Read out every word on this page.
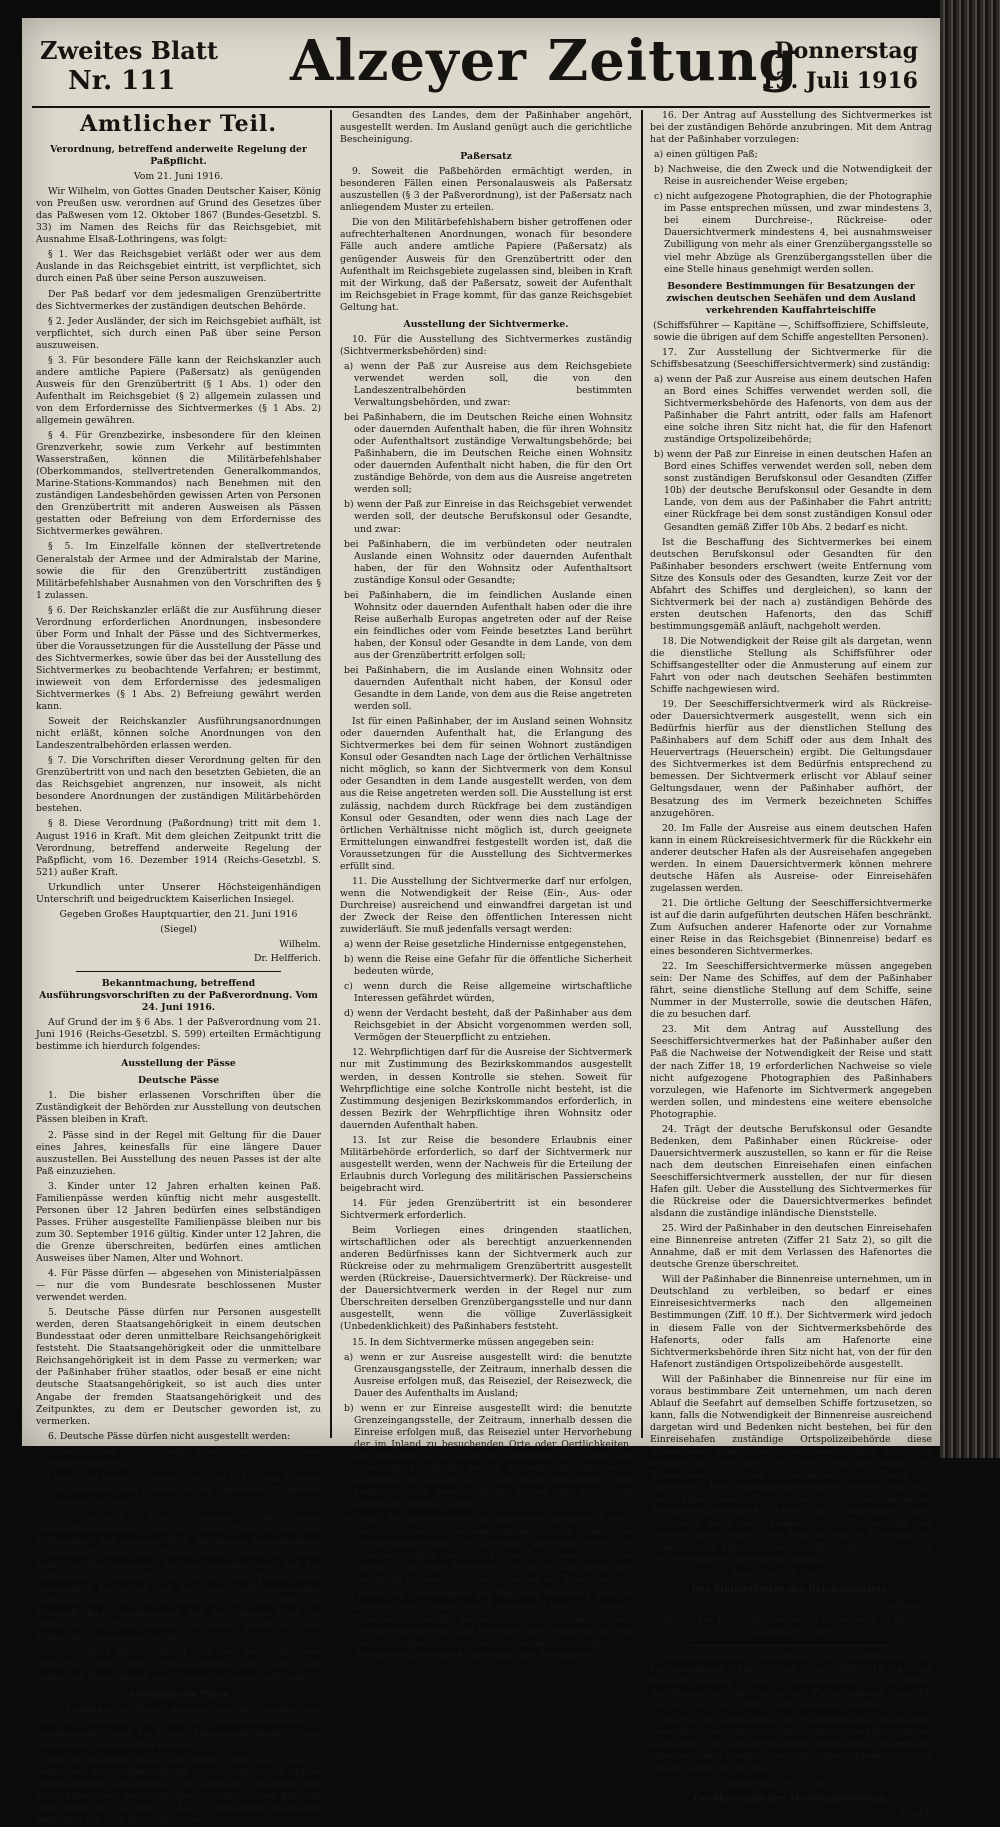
Zweites Blatt
Nr. 111	Alzeyer Zeitung
Donnerstag
13. Juli 1916
Amtlicher Teil.

Verordnung, betreffend anderweite Regelung der Paßpflicht.

Vom 21. Juni 1916.

Wir Wilhelm, von Gottes Gnaden Deutscher Kaiser, König von Preußen usw. verordnen auf Grund des Gesetzes über das Paßwesen vom 12. Oktober 1867 (Bundes-Gesetzbl. S. 33) im Namen des Reichs für das Reichsgebiet, mit Ausnahme Elsaß-Lothringens, was folgt:

§ 1. Wer das Reichsgebiet verläßt oder wer aus dem Auslande in das Reichsgebiet eintritt, ist verpflichtet, sich durch einen Paß über seine Person auszuweisen.

Der Paß bedarf vor dem jedesmaligen Grenzübertritte des Sichtvermerkes der zuständigen deutschen Behörde.

§ 2. Jeder Ausländer, der sich im Reichsgebiet aufhält, ist verpflichtet, sich durch einen Paß über seine Person auszuweisen.

§ 3. Für besondere Fälle kann der Reichskanzler auch andere amtliche Papiere (Paßersatz) als genügenden Ausweis für den Grenzübertritt (§ 1 Abs. 1) oder den Aufenthalt im Reichsgebiet (§ 2) allgemein zulassen und von dem Erfordernisse des Sichtvermerkes (§ 1 Abs. 2) allgemein gewähren.

§ 4. Für Grenzbezirke, insbesondere für den kleinen Grenzverkehr, sowie zum Verkehr auf bestimmten Wasserstraßen, können die Militärbefehlshaber (Oberkommandos, stellvertretenden Generalkommandos, Marine-Stations-Kommandos) nach Benehmen mit den zuständigen Landesbehörden gewissen Arten von Personen den Grenzübertritt mit anderen Ausweisen als Pässen gestatten oder Befreiung von dem Erfordernisse des Sichtvermerkes gewähren.

§ 5. Im Einzelfalle können der stellvertretende Generalstab der Armee und der Admiralstab der Marine, sowie die für den Grenzübertritt zuständigen Militärbefehlshaber Ausnahmen von den Vorschriften des § 1 zulassen.

§ 6. Der Reichskanzler erläßt die zur Ausführung dieser Verordnung erforderlichen Anordnungen, insbesondere über Form und Inhalt der Pässe und des Sichtvermerkes, über die Voraussetzungen für die Ausstellung der Pässe und des Sichtvermerkes, sowie über das bei der Ausstellung des Sichtvermerkes zu beobachtende Verfahren; er bestimmt, inwieweit von dem Erfordernisse des jedesmaligen Sichtvermerkes (§ 1 Abs. 2) Befreiung gewährt werden kann.

Soweit der Reichskanzler Ausführungsanordnungen nicht erläßt, können solche Anordnungen von den Landeszentralbehörden erlassen werden.

§ 7. Die Vorschriften dieser Verordnung gelten für den Grenzübertritt von und nach den besetzten Gebieten, die an das Reichsgebiet angrenzen, nur insoweit, als nicht besondere Anordnungen der zuständigen Militärbehörden bestehen.

§ 8. Diese Verordnung (Paßordnung) tritt mit dem 1. August 1916 in Kraft. Mit dem gleichen Zeitpunkt tritt die Verordnung, betreffend anderweite Regelung der Paßpflicht, vom 16. Dezember 1914 (Reichs-Gesetzbl. S. 521) außer Kraft.

Urkundlich unter Unserer Höchsteigenhändigen Unterschrift und beigedrucktem Kaiserlichen Insiegel.

Gegeben Großes Hauptquartier, den 21. Juni 1916

(Siegel)

Wilhelm.

Dr. Helfferich.

Bekanntmachung, betreffend Ausführungsvorschriften zu der Paßverordnung. Vom 24. Juni 1916.

Auf Grund der im § 6 Abs. 1 der Paßverordnung vom 21. Juni 1916 (Reichs-Gesetzbl. S. 599) erteilten Ermächtigung bestimme ich hierdurch folgendes:

Ausstellung der Pässe

Deutsche Pässe

1. Die bisher erlassenen Vorschriften über die Zuständigkeit der Behörden zur Ausstellung von deutschen Pässen bleiben in Kraft.

2. Pässe sind in der Regel mit Geltung für die Dauer eines Jahres, keinesfalls für eine längere Dauer auszustellen. Bei Ausstellung des neuen Passes ist der alte Paß einzuziehen.

3. Kinder unter 12 Jahren erhalten keinen Paß. Familienpässe werden künftig nicht mehr ausgestellt. Personen über 12 Jahren bedürfen eines selbständigen Passes. Früher ausgestellte Familienpässe bleiben nur bis zum 30. September 1916 gültig. Kinder unter 12 Jahren, die die Grenze überschreiten, bedürfen eines amtlichen Ausweises über Namen, Alter und Wohnort.

4. Für Pässe dürfen — abgesehen von Ministerialpässen — nur die vom Bundesrate beschlossenen Muster verwendet werden.

5. Deutsche Pässe dürfen nur Personen ausgestellt werden, deren Staatsangehörigkeit in einem deutschen Bundesstaat oder deren unmittelbare Reichsangehörigkeit feststeht. Die Staatsangehörigkeit oder die unmittelbare Reichsangehörigkeit ist in dem Passe zu vermerken; war der Paßinhaber früher staatlos, oder besaß er eine nicht deutsche Staatsangehörigkeit, so ist auch dies unter Angabe der fremden Staatsangehörigkeit und des Zeitpunktes, zu dem er Deutscher geworden ist, zu vermerken.

6. Deutsche Pässe dürfen nicht ausgestellt werden:

a) wenn der Ausstellung gesetzliche Hindernisse entgegenstehen,

b) wenn der Verdacht besteht, daß der Paß in den Händen des Inhabers eine Gefahr für die öffentliche Sicherheit bedeuten würde.

7. Deutsche Pässe müssen mit einer Personalbeschreibung und mit einer Photographie des Paßinhabers aus neuester Zeit, mit dessen eigenhändiger Unterschrift unter der Photographie, sowie mit einer amtlichen Bescheinigung darüber versehen sein, daß der Paßinhaber tatsächlich die durch die Photographie dargestellte Person ist und die Unterschrift eigenhändig vollzogen hat. Die Photographie ist auf dem Paß mit Klebstoff derart anzubringen, daß der Stempel etwa zur Hälfte auf der Photographie, zur andern Hälfte auf dem Papier des Passes angebracht ist.

Die amtliche Bescheinigung muß von der zuständigen deutschen Paß- oder Polizeibehörde oder von dem deutschen Berufskonsul oder Gesandten ausgestellt sein.

Ausländische Pässe

8. Ausländische Pässe müssen von der zuständigen Behörde ausgestellt sein und die Staatsangehörigkeit — gegebenenfalls auch die frühere Staatsangehörigkeit — des Paßinhabers einwandfrei ergeben.

Die für deutsche Pässe nach Ziffer 3 und nach 7 Abs. 1 geltenden Vorschriften finden auf ausländische Pässe entsprechende Anwendung. Die amtliche Bescheinigung kann außer von der zuständigen ausländischen Behörde oder einer der in Ziffer 7 Abs. 2 genannten deutschen Behörden von dem Berufskonsul oder

Gesandten des Landes, dem der Paßinhaber angehört, ausgestellt werden. Im Ausland genügt auch die gerichtliche Bescheinigung.

Paßersatz

9. Soweit die Paßbehörden ermächtigt werden, in besonderen Fällen einen Personalausweis als Paßersatz auszustellen (§ 3 der Paßverordnung), ist der Paßersatz nach anliegendem Muster zu erteilen.

Die von den Militärbefehlshabern bisher getroffenen oder aufrechterhaltenen Anordnungen, wonach für besondere Fälle auch andere amtliche Papiere (Paßersatz) als genügender Ausweis für den Grenzübertritt oder den Aufenthalt im Reichsgebiete zugelassen sind, bleiben in Kraft mit der Wirkung, daß der Paßersatz, soweit der Aufenthalt im Reichsgebiet in Frage kommt, für das ganze Reichsgebiet Geltung hat.

Ausstellung der Sichtvermerke.

10. Für die Ausstellung des Sichtvermerkes zuständig (Sichtvermerksbehörden) sind:

a) wenn der Paß zur Ausreise aus dem Reichsgebiete verwendet werden soll, die von den Landeszentralbehörden bestimmten Verwaltungsbehörden, und zwar:

bei Paßinhabern, die im Deutschen Reiche einen Wohnsitz oder dauernden Aufenthalt haben, die für ihren Wohnsitz oder Aufenthaltsort zuständige Verwaltungsbehörde; bei Paßinhabern, die im Deutschen Reiche einen Wohnsitz oder dauernden Aufenthalt nicht haben, die für den Ort zuständige Behörde, von dem aus die Ausreise angetreten werden soll;

b) wenn der Paß zur Einreise in das Reichsgebiet verwendet werden soll, der deutsche Berufskonsul oder Gesandte, und zwar:

bei Paßinhabern, die im verbündeten oder neutralen Auslande einen Wohnsitz oder dauernden Aufenthalt haben, der für den Wohnsitz oder Aufenthaltsort zuständige Konsul oder Gesandte;

bei Paßinhabern, die im feindlichen Auslande einen Wohnsitz oder dauernden Aufenthalt haben oder die ihre Reise außerhalb Europas angetreten oder auf der Reise ein feindliches oder vom Feinde besetztes Land berührt haben, der Konsul oder Gesandte in dem Lande, von dem aus der Grenzübertritt erfolgen soll;

bei Paßinhabern, die im Auslande einen Wohnsitz oder dauernden Aufenthalt nicht haben, der Konsul oder Gesandte in dem Lande, von dem aus die Reise angetreten werden soll.

Ist für einen Paßinhaber, der im Ausland seinen Wohnsitz oder dauernden Aufenthalt hat, die Erlangung des Sichtvermerkes bei dem für seinen Wohnort zuständigen Konsul oder Gesandten nach Lage der örtlichen Verhältnisse nicht möglich, so kann der Sichtvermerk von dem Konsul oder Gesandten in dem Lande ausgestellt werden, von dem aus die Reise angetreten werden soll. Die Ausstellung ist erst zulässig, nachdem durch Rückfrage bei dem zuständigen Konsul oder Gesandten, oder wenn dies nach Lage der örtlichen Verhältnisse nicht möglich ist, durch geeignete Ermittelungen einwandfrei festgestellt worden ist, daß die Voraussetzungen für die Ausstellung des Sichtvermerkes erfüllt sind.

11. Die Ausstellung der Sichtvermerke darf nur erfolgen, wenn die Notwendigkeit der Reise (Ein-, Aus- oder Durchreise) ausreichend und einwandfrei dargetan ist und der Zweck der Reise den öffentlichen Interessen nicht zuwiderläuft. Sie muß jedenfalls versagt werden:

a) wenn der Reise gesetzliche Hindernisse entgegenstehen,

b) wenn die Reise eine Gefahr für die öffentliche Sicherheit bedeuten würde,

c) wenn durch die Reise allgemeine wirtschaftliche Interessen gefährdet würden,

d) wenn der Verdacht besteht, daß der Paßinhaber aus dem Reichsgebiet in der Absicht vorgenommen werden soll, Vermögen der Steuerpflicht zu entziehen.

12. Wehrpflichtigen darf für die Ausreise der Sichtvermerk nur mit Zustimmung des Bezirkskommandos ausgestellt werden, in dessen Kontrolle sie stehen. Soweit für Wehrpflichtige eine solche Kontrolle nicht besteht, ist die Zustimmung desjenigen Bezirkskommandos erforderlich, in dessen Bezirk der Wehrpflichtige ihren Wohnsitz oder dauernden Aufenthalt haben.

13. Ist zur Reise die besondere Erlaubnis einer Militärbehörde erforderlich, so darf der Sichtvermerk nur ausgestellt werden, wenn der Nachweis für die Erteilung der Erlaubnis durch Vorlegung des militärischen Passierscheins beigebracht wird.

14. Für jeden Grenzübertritt ist ein besonderer Sichtvermerk erforderlich.

Beim Vorliegen eines dringenden staatlichen, wirtschaftlichen oder als berechtigt anzuerkennenden anderen Bedürfnisses kann der Sichtvermerk auch zur Rückreise oder zu mehrmaligem Grenzübertritt ausgestellt werden (Rückreise-, Dauersichtvermerk). Der Rückreise- und der Dauersichtvermerk werden in der Regel nur zum Überschreiten derselben Grenzübergangsstelle und nur dann ausgestellt, wenn die völlige Zuverlässigkeit (Unbedenklichkeit) des Paßinhabers feststeht.

15. In dem Sichtvermerke müssen angegeben sein:

a) wenn er zur Ausreise ausgestellt wird: die benutzte Grenzausgangsstelle, der Zeitraum, innerhalb dessen die Ausreise erfolgen muß, das Reiseziel, der Reisezweck, die Dauer des Aufenthalts im Ausland;

b) wenn er zur Einreise ausgestellt wird: die benutzte Grenzeingangsstelle, der Zeitraum, innerhalb dessen die Einreise erfolgen muß, das Reiseziel unter Hervorhebung der im Inland zu besuchenden Orte oder Oertlichkeiten, der Reisezweck, die Dauer des Aufenthalts im Inland, und sofern der Paßinhaber keinen Wohnsitz oder dauernden Aufenthalt im Inland hat, in der Regel mindestens zwei Deutsche oder zwei deutsche Firmen, die im Inland aufgesucht werden sollen;

c) wenn der Sichtvermerk zur Durchreise ausgestellt wird: die deutsche Grenzeingangsstelle, die deutsche Grenzausgangsstelle, der Zeitraum, innerhalb dessen die Einreise erfolgen muß, der für die Durchreise durch das Inland zu wählende Reiseweg, die für die Durchreise zur Verfügung stehende Zeit, das Reiseziel, der Reisezweck,

d) wenn der Sichtvermerk für Hin- und Rückreise oder zu mehrmaligem Grenzübertritt ausgestellt wird (Rückreise-, Dauersichtvermerk): die benutzte Grenzausgangs- oder Grenzeingangsstelle, das Reiseziel, der Zeitpunkt, in dem die Gültigkeit des Sichtvermerkes erlischt, im Rückreisesichtvermerk außerdem: der Reisezweck.

16. Der Antrag auf Ausstellung des Sichtvermerkes ist bei der zuständigen Behörde anzubringen. Mit dem Antrag hat der Paßinhaber vorzulegen:

a) einen gültigen Paß;

b) Nachweise, die den Zweck und die Notwendigkeit der Reise in ausreichender Weise ergeben;

c) nicht aufgezogene Photographien, die der Photographie im Passe entsprechen müssen, und zwar mindestens 3, bei einem Durchreise-, Rückreise- oder Dauersichtvermerk mindestens 4, bei ausnahmsweiser Zubilligung von mehr als einer Grenzübergangsstelle so viel mehr Abzüge als Grenzübergangsstellen über die eine Stelle hinaus genehmigt werden sollen.

Besondere Bestimmungen für Besatzungen der zwischen deutschen Seehäfen und dem Ausland verkehrenden Kauffahrteischiffe

(Schiffsführer — Kapitäne —, Schiffsoffiziere, Schiffsleute, sowie die übrigen auf dem Schiffe angestellten Personen).

17. Zur Ausstellung der Sichtvermerke für die Schiffsbesatzung (Seeschiffersichtvermerk) sind zuständig:

a) wenn der Paß zur Ausreise aus einem deutschen Hafen an Bord eines Schiffes verwendet werden soll, die Sichtvermerksbehörde des Hafenorts, von dem aus der Paßinhaber die Fahrt antritt, oder falls am Hafenort eine solche ihren Sitz nicht hat, die für den Hafenort zuständige Ortspolizeibehörde;

b) wenn der Paß zur Einreise in einen deutschen Hafen an Bord eines Schiffes verwendet werden soll, neben dem sonst zuständigen Berufskonsul oder Gesandten (Ziffer 10b) der deutsche Berufskonsul oder Gesandte in dem Lande, von dem aus der Paßinhaber die Fahrt antritt; einer Rückfrage bei dem sonst zuständigen Konsul oder Gesandten gemäß Ziffer 10b Abs. 2 bedarf es nicht.

Ist die Beschaffung des Sichtvermerkes bei einem deutschen Berufskonsul oder Gesandten für den Paßinhaber besonders erschwert (weite Entfernung vom Sitze des Konsuls oder des Gesandten, kurze Zeit vor der Abfahrt des Schiffes und dergleichen), so kann der Sichtvermerk bei der nach a) zuständigen Behörde des ersten deutschen Hafenorts, den das Schiff bestimmungsgemäß anläuft, nachgeholt werden.

18. Die Notwendigkeit der Reise gilt als dargetan, wenn die dienstliche Stellung als Schiffsführer oder Schiffsangestellter oder die Anmusterung auf einem zur Fahrt von oder nach deutschen Seehäfen bestimmten Schiffe nachgewiesen wird.

19. Der Seeschiffersichtvermerk wird als Rückreise- oder Dauersichtvermerk ausgestellt, wenn sich ein Bedürfnis hierfür aus der dienstlichen Stellung des Paßinhabers auf dem Schiff oder aus dem Inhalt des Heuervertrags (Heuerschein) ergibt. Die Geltungsdauer des Sichtvermerkes ist dem Bedürfnis entsprechend zu bemessen. Der Sichtvermerk erlischt vor Ablauf seiner Geltungsdauer, wenn der Paßinhaber aufhört, der Besatzung des im Vermerk bezeichneten Schiffes anzugehören.

20. Im Falle der Ausreise aus einem deutschen Hafen kann in einem Rückreisesichtvermerk für die Rückkehr ein anderer deutscher Hafen als der Ausreisehafen angegeben werden. In einem Dauersichtvermerk können mehrere deutsche Häfen als Ausreise- oder Einreisehäfen zugelassen werden.

21. Die örtliche Geltung der Seeschiffersichtvermerke ist auf die darin aufgeführten deutschen Häfen beschränkt. Zum Aufsuchen anderer Hafenorte oder zur Vornahme einer Reise in das Reichsgebiet (Binnenreise) bedarf es eines besonderen Sichtvermerkes.

22. Im Seeschiffersichtvermerke müssen angegeben sein: Der Name des Schiffes, auf dem der Paßinhaber fährt, seine dienstliche Stellung auf dem Schiffe, seine Nummer in der Musterrolle, sowie die deutschen Häfen, die zu besuchen darf.

23. Mit dem Antrag auf Ausstellung des Seeschiffersichtvermerkes hat der Paßinhaber außer den Paß die Nachweise der Notwendigkeit der Reise und statt der nach Ziffer 18, 19 erforderlichen Nachweise so viele nicht aufgezogene Photographien des Paßinhabers vorzulegen, wie Hafenorte im Sichtvermerk angegeben werden sollen, und mindestens eine weitere ebensolche Photographie.

24. Trägt der deutsche Berufskonsul oder Gesandte Bedenken, dem Paßinhaber einen Rückreise- oder Dauersichtvermerk auszustellen, so kann er für die Reise nach dem deutschen Einreisehafen einen einfachen Seeschiffersichtvermerk ausstellen, der nur für diesen Hafen gilt. Ueber die Ausstellung des Sichtvermerkes für die Rückreise oder die Dauersichtvermerkes befindet alsdann die zuständige inländische Dienststelle.

25. Wird der Paßinhaber in den deutschen Einreisehafen eine Binnenreise antreten (Ziffer 21 Satz 2), so gilt die Annahme, daß er mit dem Verlassen des Hafenortes die deutsche Grenze überschreitet.

Will der Paßinhaber die Binnenreise unternehmen, um in Deutschland zu verbleiben, so bedarf er eines Einreisesichtvermerks nach den allgemeinen Bestimmungen (Ziff. 10 ff.). Der Sichtvermerk wird jedoch in diesem Falle von der Sichtvermerksbehörde des Hafenorts, oder falls am Hafenorte eine Sichtvermerksbehörde ihren Sitz nicht hat, von der für den Hafenort zuständigen Ortspolizeibehörde ausgestellt.

Will der Paßinhaber die Binnenreise nur für eine im voraus bestimmbare Zeit unternehmen, um nach deren Ablauf die Seefahrt auf demselben Schiffe fortzusetzen, so kann, falls die Notwendigkeit der Binnenreise ausreichend dargetan wird und Bedenken nicht bestehen, bei für den Einreisehafen zuständige Ortspolizeibehörde diese Binnenreise genehmigen. Die Genehmigung ist unter Angabe des Zweckes, des Zieles und der Dauer der Binnenreise von der Polizeibehörde im Passe zu vermerken. Der Genehmigungsvermerk ersetzt den nach den allgemeinen Vorschriften sonst erforderlichen Rückreisesichtvermerk. Kehrt der Paßinhaber nicht rechtzeitig nach dem Hafenorte zur Fortsetzung der Seefahrt zurück oder ist die Reise für ihn bei Erteilung der Genehmigung angeordneten Verpflichtung nicht, so wird der Seeschiffersichtvermerk ungültig.

Berlin, den 24. Juni 1916.

Der Stellvertreter des Reichskanzlers.

Dr. Helfferich.

(Muster des Personalausweises ist abgedruckt im Reichs Gesetzblatt S. 609.)

Bekanntmachung, betreffend die Ausführung der Paßverordnung Auf Grund der Ziff. 10 a der Bekanntmachung des Reichskanzlers, betreffend Ausführungsvorschriften zu der Paßverordnung vom 24. Juni d. J. (R.G.Bl. S. 601), wird Folgendes bestimmt:

Die für die Ausstellung der Sichtvermerke zuständigen Verwaltungsbehörden sind die Großherzoglichen Kreisämter, die Großherzoglichen Polizeiämter Darmstadt, Offenbach und Gießen, sowie die Oberbürgermeister der Städte Mainz und Worms.

Darmstadt, den 3. Juli 1916.

Großherzogliches Staatsministerium.

v. Ewald.
